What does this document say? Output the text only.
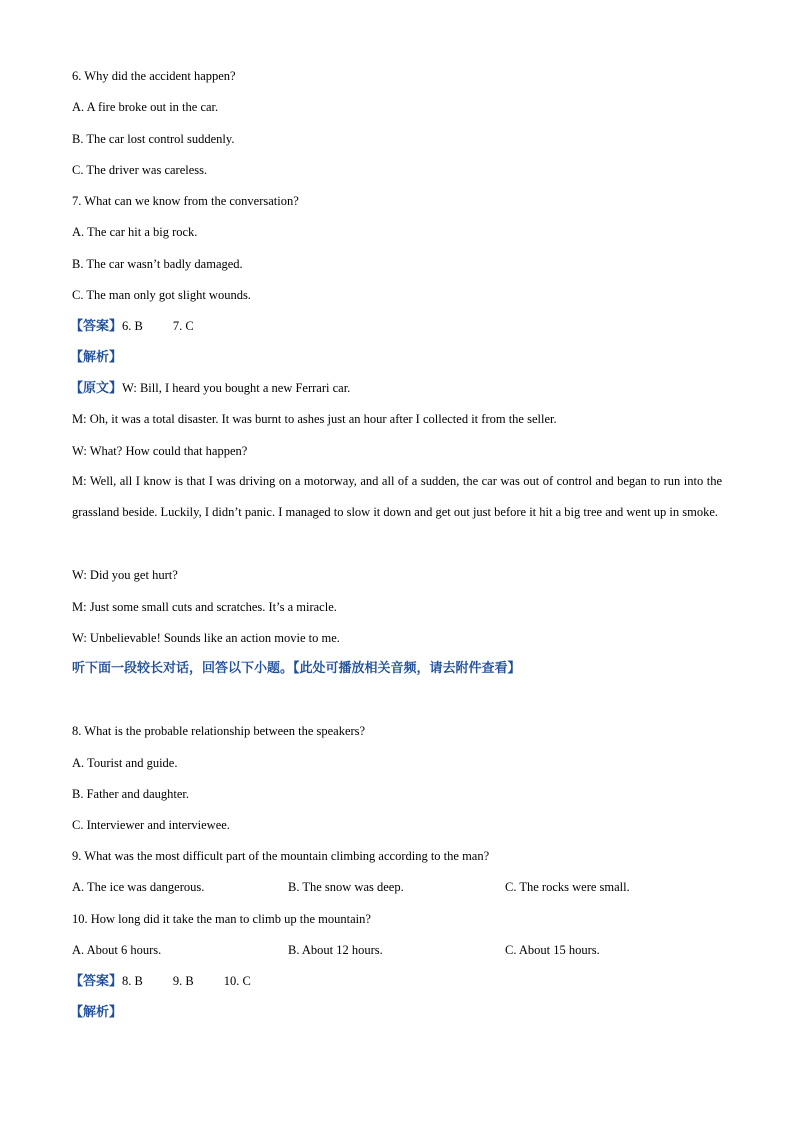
6. Why did the accident happen?
A. A fire broke out in the car.
B. The car lost control suddenly.
C. The driver was careless.
7. What can we know from the conversation?
A. The car hit a big rock.
B. The car wasn’t badly damaged.
C. The man only got slight wounds.
【答案】6. B 7. C
【解析】
【原文】W: Bill, I heard you bought a new Ferrari car.
M: Oh, it was a total disaster. It was burnt to ashes just an hour after I collected it from the seller.
W: What? How could that happen?
M: Well, all I know is that I was driving on a motorway, and all of a sudden, the car was out of control and began to run into the grassland beside. Luckily, I didn’t panic. I managed to slow it down and get out just before it hit a big tree and went up in smoke.
W: Did you get hurt?
M: Just some small cuts and scratches. It’s a miracle.
W: Unbelievable! Sounds like an action movie to me.
听下面一段较长对话，回答以下小题。【此处可播放相关音频，请去附件查看】
8. What is the probable relationship between the speakers?
A. Tourist and guide.
B. Father and daughter.
C. Interviewer and interviewee.
9. What was the most difficult part of the mountain climbing according to the man?
A. The ice was dangerous.	B. The snow was deep.	C. The rocks were small.
10. How long did it take the man to climb up the mountain?
A. About 6 hours.	B. About 12 hours.	C. About 15 hours.
【答案】8. B 9. B 10. C
【解析】
